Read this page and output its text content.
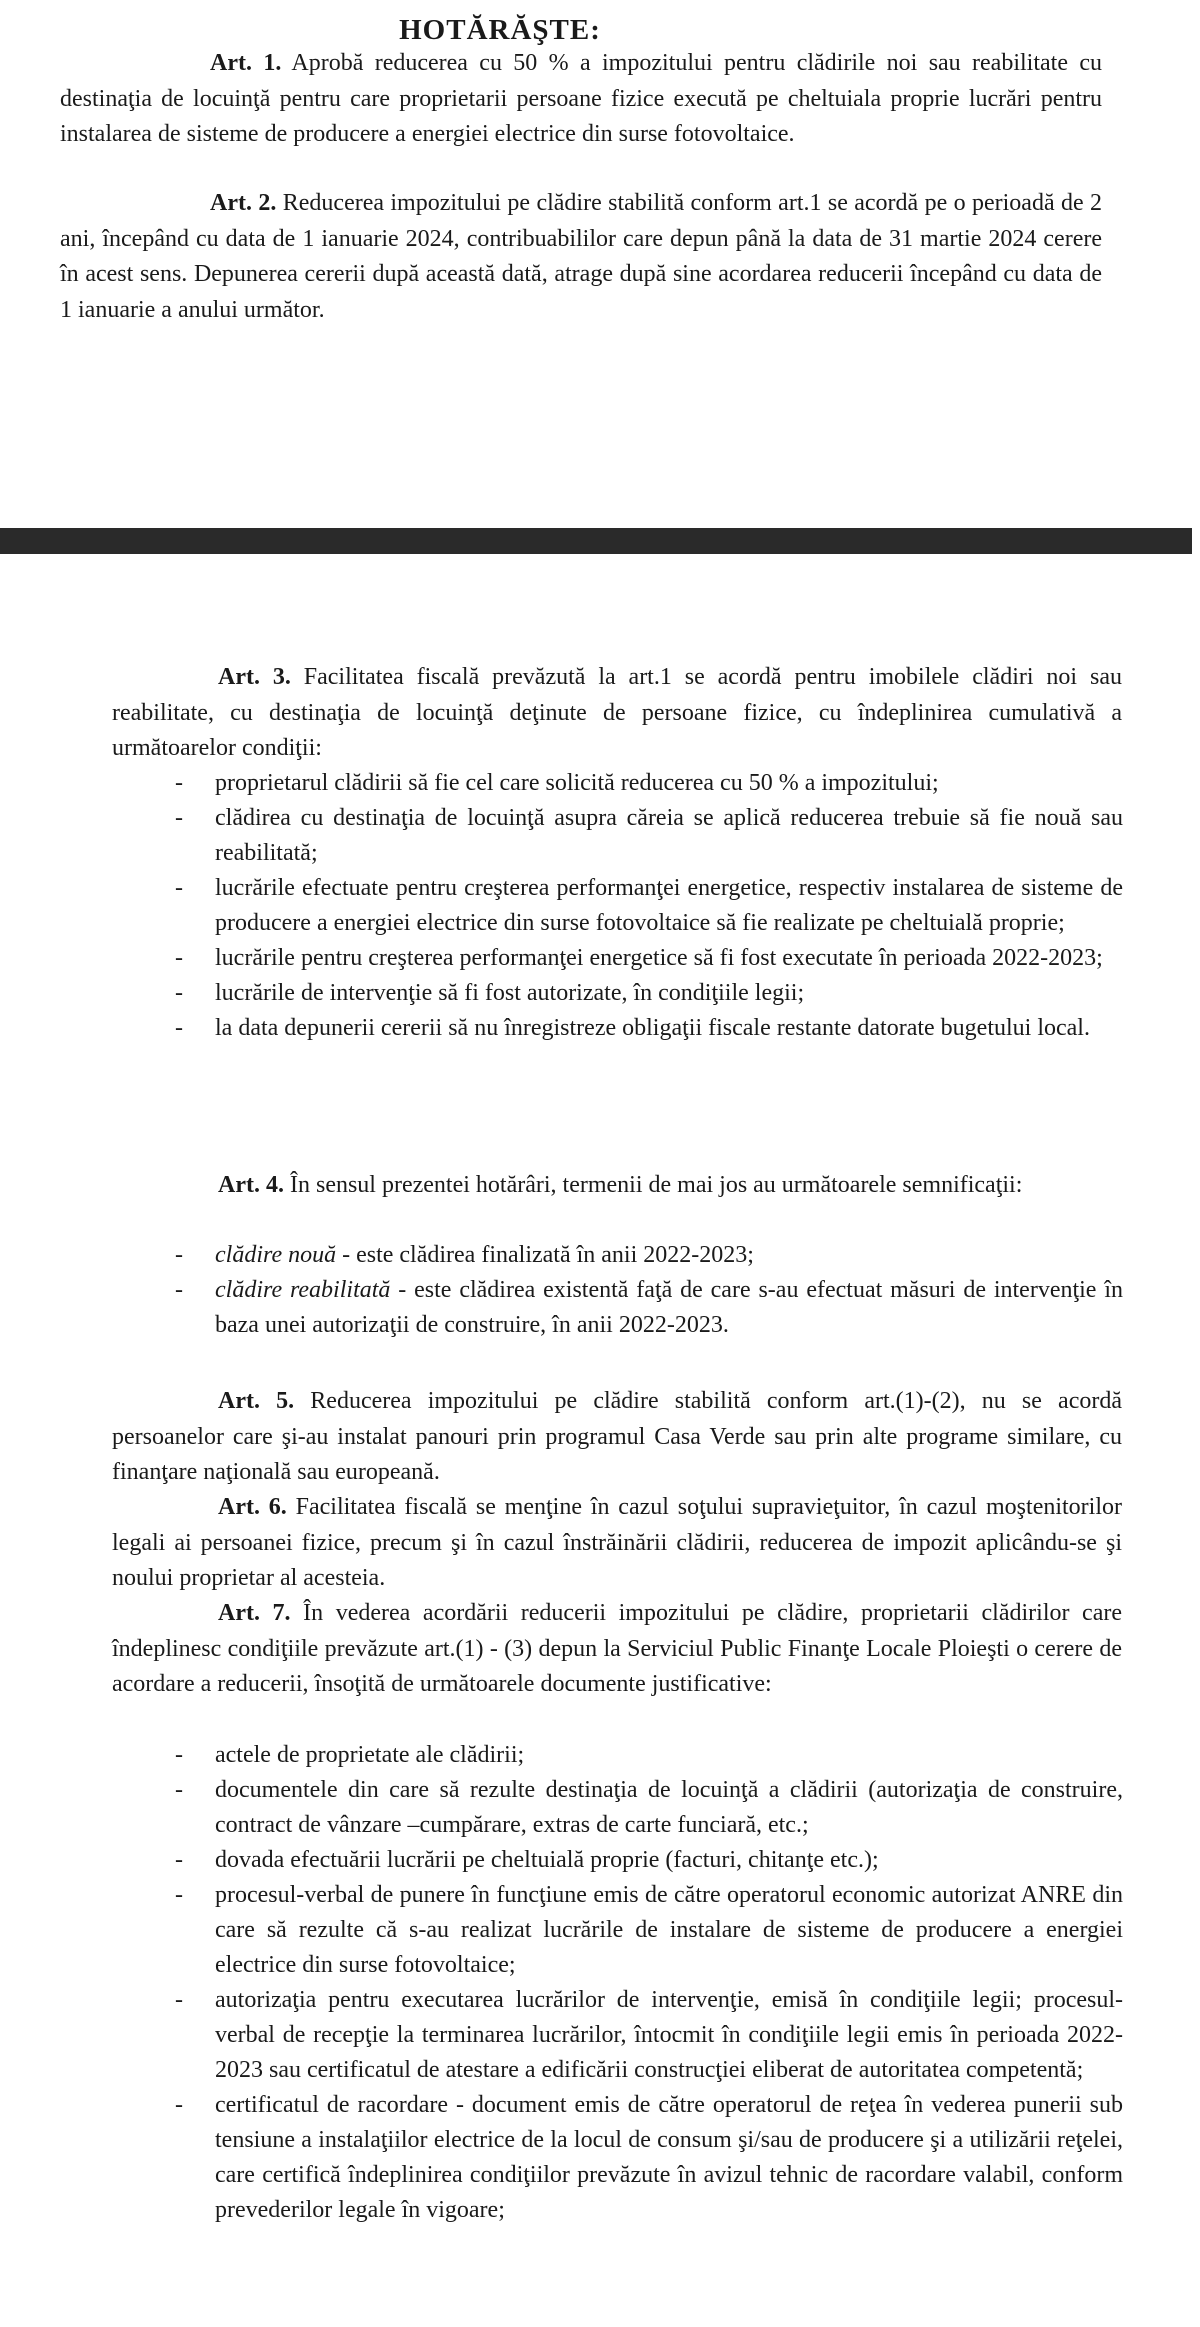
HOTĂRĂŞTE:

Art. 1. Aprobă reducerea cu 50 % a impozitului pentru clădirile noi sau reabilitate cu destinaţia de locuinţă pentru care proprietarii persoane fizice execută pe cheltuiala proprie lucrări pentru instalarea de sisteme de producere a energiei electrice din surse fotovoltaice.

Art. 2. Reducerea impozitului pe clădire stabilită conform art.1 se acordă pe o perioadă de 2 ani, începând cu data de 1 ianuarie 2024, contribuabililor care depun până la data de 31 martie 2024 cerere în acest sens. Depunerea cererii după această dată, atrage după sine acordarea reducerii începând cu data de 1 ianuarie a anului următor.

Art. 3. Facilitatea fiscală prevăzută la art.1 se acordă pentru imobilele clădiri noi sau reabilitate, cu destinaţia de locuinţă deţinute de persoane fizice, cu îndeplinirea cumulativă a următoarelor condiţii:

- proprietarul clădirii să fie cel care solicită reducerea cu 50 % a impozitului;
- clădirea cu destinaţia de locuinţă asupra căreia se aplică reducerea trebuie să fie nouă sau reabilitată;
- lucrările efectuate pentru creşterea performanţei energetice, respectiv instalarea de sisteme de producere a energiei electrice din surse fotovoltaice să fie realizate pe cheltuială proprie;
- lucrările pentru creşterea performanţei energetice să fi fost executate în perioada 2022-2023;
- lucrările de intervenţie să fi fost autorizate, în condiţiile legii;
- la data depunerii cererii să nu înregistreze obligaţii fiscale restante datorate bugetului local.

Art. 4. În sensul prezentei hotărâri, termenii de mai jos au următoarele semnificaţii:

- clădire nouă - este clădirea finalizată în anii 2022-2023;
- clădire reabilitată - este clădirea existentă faţă de care s-au efectuat măsuri de intervenţie în baza unei autorizaţii de construire, în anii 2022-2023.

Art. 5. Reducerea impozitului pe clădire stabilită conform art.(1)-(2), nu se acordă persoanelor care şi-au instalat panouri prin programul Casa Verde sau prin alte programe similare, cu finanţare naţională sau europeană.

Art. 6. Facilitatea fiscală se menţine în cazul soţului supravieţuitor, în cazul moştenitorilor legali ai persoanei fizice, precum şi în cazul înstrăinării clădirii, reducerea de impozit aplicându-se şi noului proprietar al acesteia.

Art. 7. În vederea acordării reducerii impozitului pe clădire, proprietarii clădirilor care îndeplinesc condiţiile prevăzute art.(1) - (3) depun la Serviciul Public Finanţe Locale Ploieşti o cerere de acordare a reducerii, însoţită de următoarele documente justificative:

- actele de proprietate ale clădirii;
- documentele din care să rezulte destinaţia de locuinţă a clădirii (autorizaţia de construire, contract de vânzare –cumpărare, extras de carte funciară, etc.;
- dovada efectuării lucrării pe cheltuială proprie (facturi, chitanţe etc.);
- procesul-verbal de punere în funcţiune emis de către operatorul economic autorizat ANRE din care să rezulte că s-au realizat lucrările de instalare de sisteme de producere a energiei electrice din surse fotovoltaice;
- autorizaţia pentru executarea lucrărilor de intervenţie, emisă în condiţiile legii; procesul-verbal de recepţie la terminarea lucrărilor, întocmit în condiţiile legii emis în perioada 2022-2023 sau certificatul de atestare a edificării construcţiei eliberat de autoritatea competentă;
- certificatul de racordare - document emis de către operatorul de reţea în vederea punerii sub tensiune a instalaţiilor electrice de la locul de consum şi/sau de producere şi a utilizării reţelei, care certifică îndeplinirea condiţiilor prevăzute în avizul tehnic de racordare valabil, conform prevederilor legale în vigoare;
